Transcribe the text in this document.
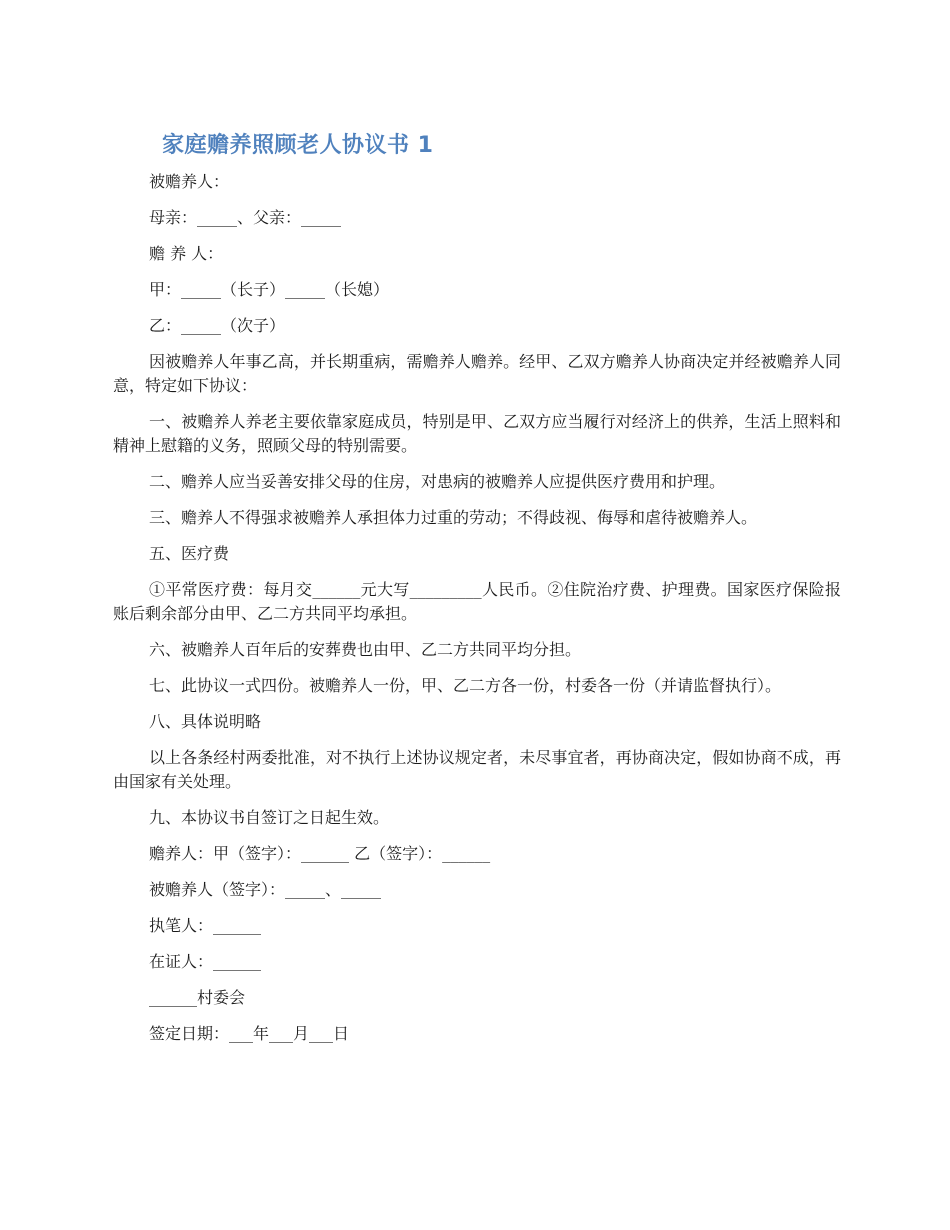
家庭赡养照顾老人协议书 1

被赡养人：

母亲：_____、父亲：_____

赡 养 人：

甲：_____（长子）_____（长媳）

乙：_____（次子）

因被赡养人年事乙高，并长期重病，需赡养人赡养。经甲、乙双方赡养人协商决定并经被赡养人同意，特定如下协议：

一、被赡养人养老主要依靠家庭成员，特别是甲、乙双方应当履行对经济上的供养，生活上照料和精神上慰籍的义务，照顾父母的特别需要。

二、赡养人应当妥善安排父母的住房，对患病的被赡养人应提供医疗费用和护理。

三、赡养人不得强求被赡养人承担体力过重的劳动；不得歧视、侮辱和虐待被赡养人。

五、医疗费

①平常医疗费：每月交______元大写_________人民币。②住院治疗费、护理费。国家医疗保险报账后剩余部分由甲、乙二方共同平均承担。

六、被赡养人百年后的安葬费也由甲、乙二方共同平均分担。

七、此协议一式四份。被赡养人一份，甲、乙二方各一份，村委各一份（并请监督执行）。

八、具体说明略

以上各条经村两委批准，对不执行上述协议规定者，未尽事宜者，再协商决定，假如协商不成，再由国家有关处理。

九、本协议书自签订之日起生效。

赡养人：甲（签字）：______ 乙（签字）：______

被赡养人（签字）：_____、_____

执笔人：______

在证人：______

______村委会

签定日期：___年___月___日
